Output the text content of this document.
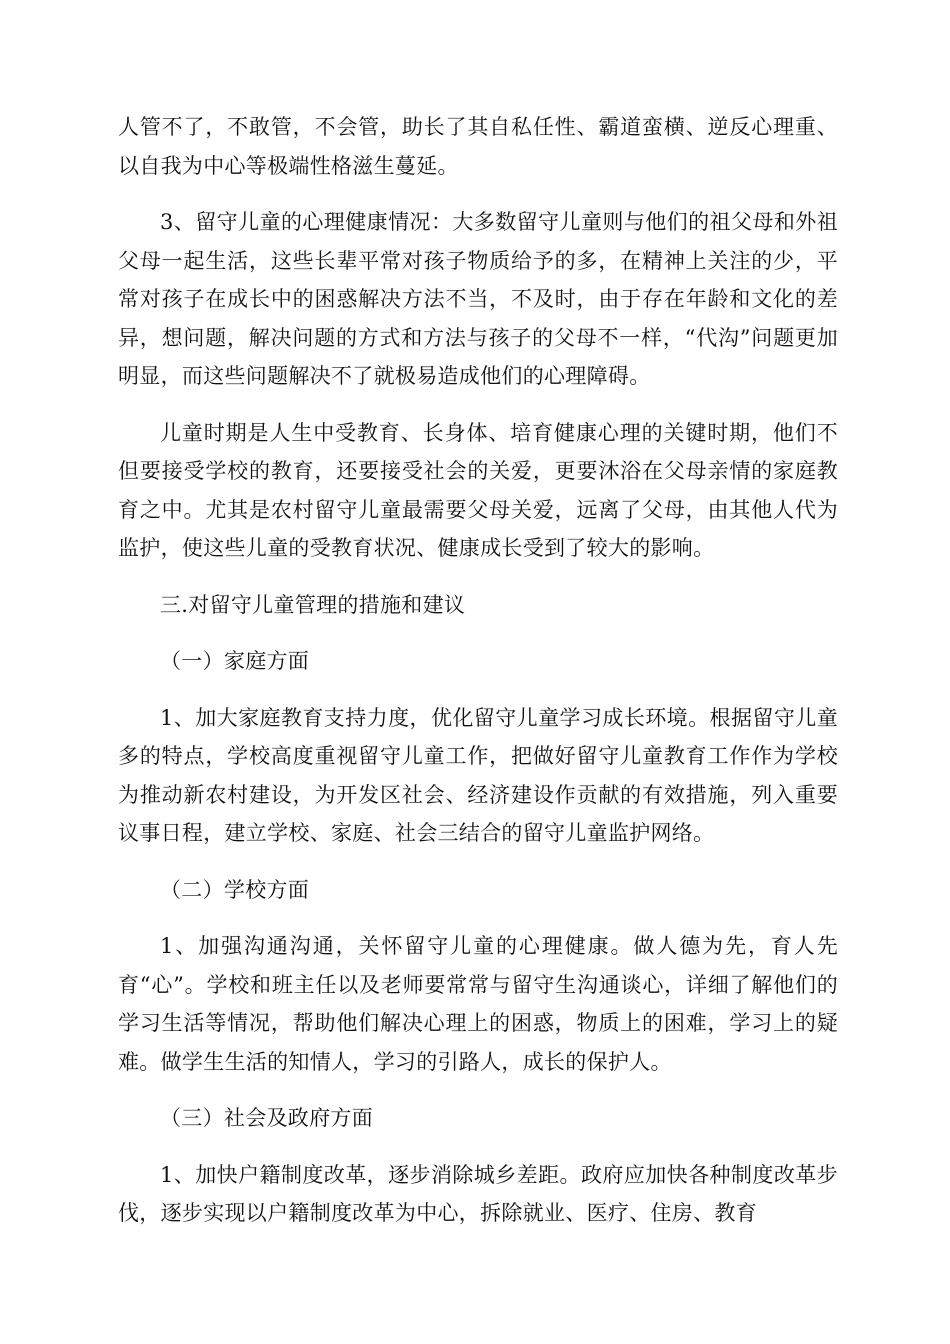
人管不了，不敢管，不会管，助长了其自私任性、霸道蛮横、逆反心理重、以自我为中心等极端性格滋生蔓延。

3、留守儿童的心理健康情况：大多数留守儿童则与他们的祖父母和外祖父母一起生活，这些长辈平常对孩子物质给予的多，在精神上关注的少，平常对孩子在成长中的困惑解决方法不当，不及时，由于存在年龄和文化的差异，想问题，解决问题的方式和方法与孩子的父母不一样，“代沟”问题更加明显，而这些问题解决不了就极易造成他们的心理障碍。

儿童时期是人生中受教育、长身体、培育健康心理的关键时期，他们不但要接受学校的教育，还要接受社会的关爱，更要沐浴在父母亲情的家庭教育之中。尤其是农村留守儿童最需要父母关爱，远离了父母，由其他人代为监护，使这些儿童的受教育状况、健康成长受到了较大的影响。

三.对留守儿童管理的措施和建议

（一）家庭方面

1、加大家庭教育支持力度，优化留守儿童学习成长环境。根据留守儿童多的特点，学校高度重视留守儿童工作，把做好留守儿童教育工作作为学校为推动新农村建设，为开发区社会、经济建设作贡献的有效措施，列入重要议事日程，建立学校、家庭、社会三结合的留守儿童监护网络。

（二）学校方面

1、加强沟通沟通，关怀留守儿童的心理健康。做人德为先，育人先育“心”。学校和班主任以及老师要常常与留守生沟通谈心，详细了解他们的学习生活等情况，帮助他们解决心理上的困惑，物质上的困难，学习上的疑难。做学生生活的知情人，学习的引路人，成长的保护人。

（三）社会及政府方面

1、加快户籍制度改革，逐步消除城乡差距。政府应加快各种制度改革步伐，逐步实现以户籍制度改革为中心，拆除就业、医疗、住房、教育
